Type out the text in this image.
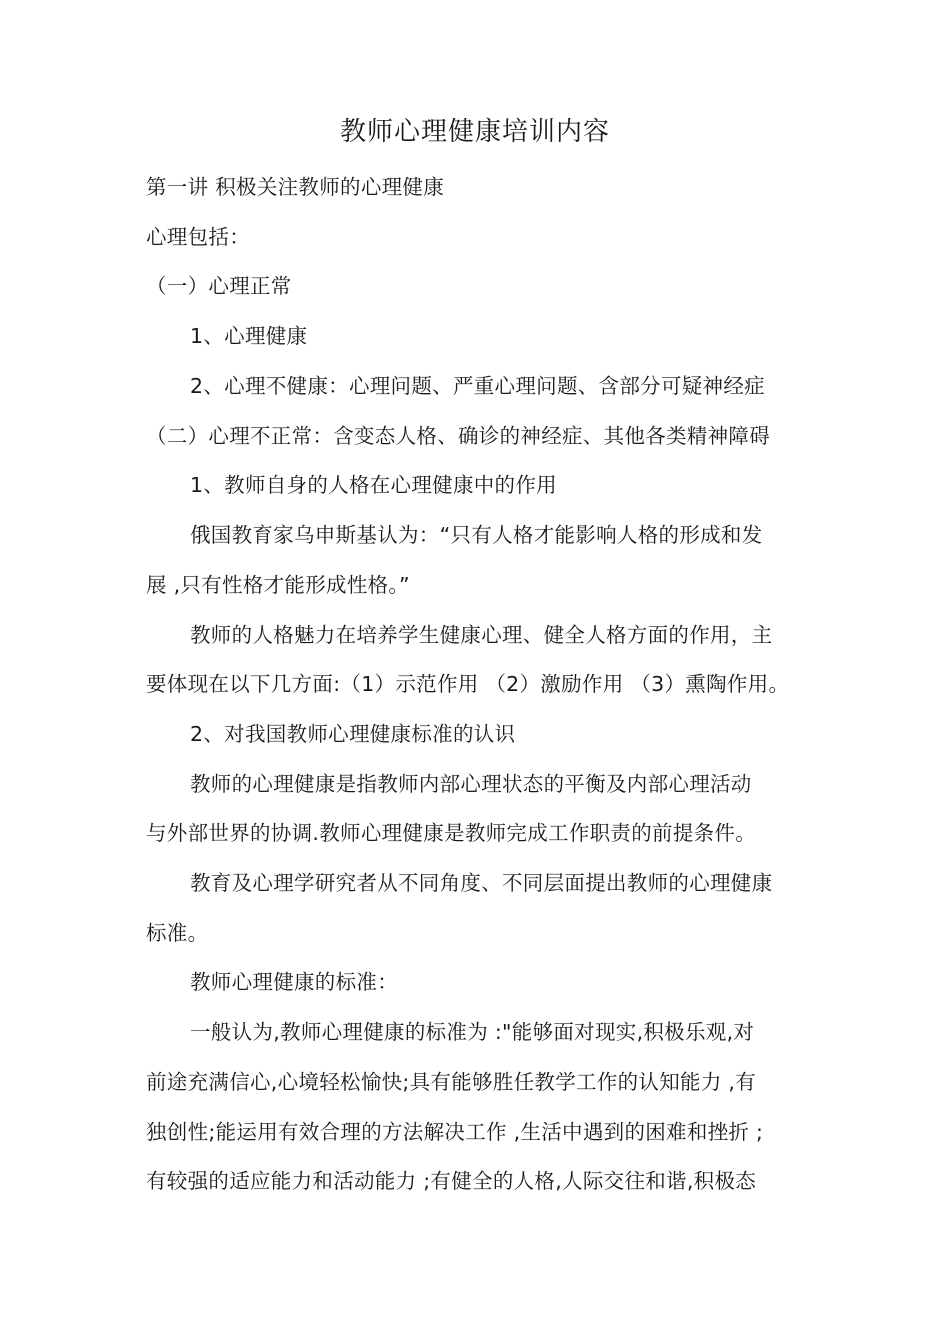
教师心理健康培训内容
第一讲 积极关注教师的心理健康
心理包括：
（一）心理正常
1、心理健康
2、心理不健康：心理问题、严重心理问题、含部分可疑神经症
（二）心理不正常：含变态人格、确诊的神经症、其他各类精神障碍
1、教师自身的人格在心理健康中的作用
俄国教育家乌申斯基认为：“只有人格才能影响人格的形成和发
展 ,只有性格才能形成性格。”
教师的人格魅力在培养学生健康心理、健全人格方面的作用，主
要体现在以下几方面:（1）示范作用 （2）激励作用 （3）熏陶作用。
2、对我国教师心理健康标准的认识
教师的心理健康是指教师内部心理状态的平衡及内部心理活动
与外部世界的协调.教师心理健康是教师完成工作职责的前提条件。
教育及心理学研究者从不同角度、不同层面提出教师的心理健康
标准。
教师心理健康的标准：
一般认为,教师心理健康的标准为 :"能够面对现实,积极乐观,对
前途充满信心,心境轻松愉快;具有能够胜任教学工作的认知能力 ,有
独创性;能运用有效合理的方法解决工作 ,生活中遇到的困难和挫折 ;
有较强的适应能力和活动能力 ;有健全的人格,人际交往和谐,积极态
